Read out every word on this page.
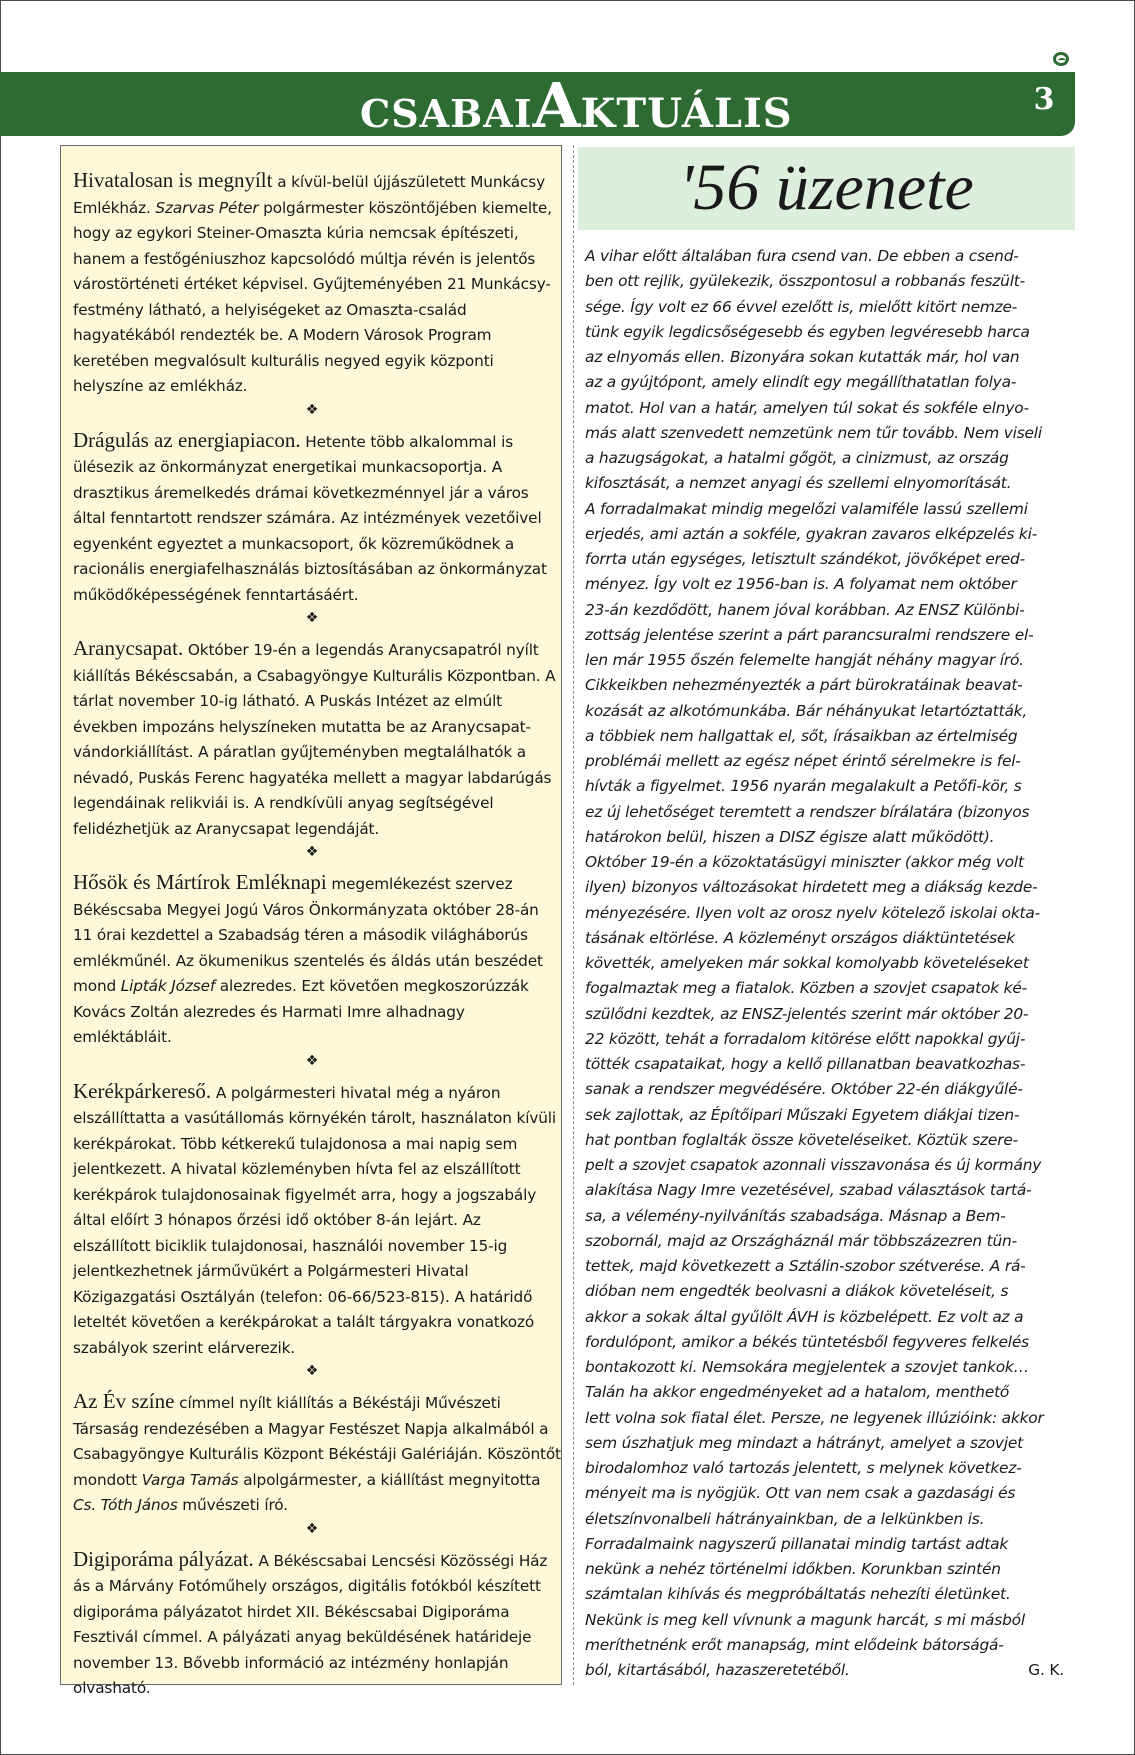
CSABAIAKTUÁLIS	3

Hivatalosan is megnyílt a kívül-belül újjászületett Munkácsy Emlékház. Szarvas Péter polgármester köszöntőjében kiemelte, hogy az egykori Steiner-Omaszta kúria nemcsak építészeti, hanem a festőgéniuszhoz kapcsolódó múltja révén is jelentős várostörténeti értéket képvisel. Gyűjteményében 21 Munkácsy-festmény látható, a helyiségeket az Omaszta-család hagyatékából rendezték be. A Modern Városok Program keretében megvalósult kulturális negyed egyik központi helyszíne az emlékház.

❖

Drágulás az energiapiacon. Hetente több alkalommal is ülésezik az önkormányzat energetikai munkacsoportja. A drasztikus áremelkedés drámai következménnyel jár a város által fenntartott rendszer számára. Az intézmények vezetőivel egyenként egyeztet a munkacsoport, ők közreműködnek a racionális energiafelhasználás biztosításában az önkormányzat működőképességének fenntartásáért.

❖

Aranycsapat. Október 19-én a legendás Aranycsapatról nyílt kiállítás Békéscsabán, a Csabagyöngye Kulturális Központban. A tárlat november 10-ig látható. A Puskás Intézet az elmúlt években impozáns helyszíneken mutatta be az Aranycsapat-vándorkiállítást. A páratlan gyűjteményben megtalálhatók a névadó, Puskás Ferenc hagyatéka mellett a magyar labdarúgás legendáinak relikviái is. A rendkívüli anyag segítségével felidézhetjük az Aranycsapat legendáját.

❖

Hősök és Mártírok Emléknapi megemlékezést szervez Békéscsaba Megyei Jogú Város Önkormányzata október 28-án 11 órai kezdettel a Szabadság téren a második világháborús emlékműnél. Az ökumenikus szentelés és áldás után beszédet mond Lipták József alezredes. Ezt követően megkoszorúzzák Kovács Zoltán alezredes és Harmati Imre alhadnagy emléktábláit.

❖

Kerékpárkereső. A polgármesteri hivatal még a nyáron elszállíttatta a vasútállomás környékén tárolt, használaton kívüli kerékpárokat. Több kétkerekű tulajdonosa a mai napig sem jelentkezett. A hivatal közleményben hívta fel az elszállított kerékpárok tulajdonosainak figyelmét arra, hogy a jogszabály által előírt 3 hónapos őrzési idő október 8-án lejárt. Az elszállított biciklik tulajdonosai, használói november 15-ig jelentkezhetnek járművükért a Polgármesteri Hivatal Közigazgatási Osztályán (telefon: 06-66/523-815). A határidő leteltét követően a kerékpárokat a talált tárgyakra vonatkozó szabályok szerint elárverezik.

❖

Az Év színe címmel nyílt kiállítás a Békéstáji Művészeti Társaság rendezésében a Magyar Festészet Napja alkalmából a Csabagyöngye Kulturális Központ Békéstáji Galériáján. Köszöntőt mondott Varga Tamás alpolgármester, a kiállítást megnyitotta Cs. Tóth János művészeti író.

❖

Digiporáma pályázat. A Békéscsabai Lencsési Közösségi Ház ás a Márvány Fotóműhely országos, digitális fotókból készített digiporáma pályázatot hirdet XII. Békéscsabai Digiporáma Fesztivál címmel. A pályázati anyag beküldésének határideje november 13. Bővebb információ az intézmény honlapján olvasható.

'56 üzenete
A vihar előtt általában fura csend van. De ebben a csend-
ben ott rejlik, gyülekezik, összpontosul a robbanás feszült-
sége. Így volt ez 66 évvel ezelőtt is, mielőtt kitört nemze-
tünk egyik legdicsőségesebb és egyben legvéresebb harca
az elnyomás ellen. Bizonyára sokan kutatták már, hol van
az a gyújtópont, amely elindít egy megállíthatatlan folya-
matot. Hol van a határ, amelyen túl sokat és sokféle elnyo-
más alatt szenvedett nemzetünk nem tűr tovább. Nem viseli
a hazugságokat, a hatalmi gőgöt, a cinizmust, az ország
kifosztását, a nemzet anyagi és szellemi elnyomorítását.
A forradalmakat mindig megelőzi valamiféle lassú szellemi
erjedés, ami aztán a sokféle, gyakran zavaros elképzelés ki-
forrta után egységes, letisztult szándékot, jövőképet ered-
ményez. Így volt ez 1956-ban is. A folyamat nem október
23-án kezdődött, hanem jóval korábban. Az ENSZ Különbi-
zottság jelentése szerint a párt parancsuralmi rendszere el-
len már 1955 őszén felemelte hangját néhány magyar író.
Cikkeikben nehezményezték a párt bürokratáinak beavat-
kozását az alkotómunkába. Bár néhányukat letartóztatták,
a többiek nem hallgattak el, sőt, írásaikban az értelmiség
problémái mellett az egész népet érintő sérelmekre is fel-
hívták a figyelmet. 1956 nyarán megalakult a Petőfi-kör, s
ez új lehetőséget teremtett a rendszer bírálatára (bizonyos
határokon belül, hiszen a DISZ égisze alatt működött).
Október 19-én a közoktatásügyi miniszter (akkor még volt
ilyen) bizonyos változásokat hirdetett meg a diákság kezde-
ményezésére. Ilyen volt az orosz nyelv kötelező iskolai okta-
tásának eltörlése. A közleményt országos diáktüntetések
követték, amelyeken már sokkal komolyabb követeléseket
fogalmaztak meg a fiatalok. Közben a szovjet csapatok ké-
szülődni kezdtek, az ENSZ-jelentés szerint már október 20-
22 között, tehát a forradalom kitörése előtt napokkal gyűj-
tötték csapataikat, hogy a kellő pillanatban beavatkozhas-
sanak a rendszer megvédésére. Október 22-én diákgyűlé-
sek zajlottak, az Építőipari Műszaki Egyetem diákjai tizen-
hat pontban foglalták össze követeléseiket. Köztük szere-
pelt a szovjet csapatok azonnali visszavonása és új kormány
alakítása Nagy Imre vezetésével, szabad választások tartá-
sa, a vélemény-nyilvánítás szabadsága. Másnap a Bem-
szobornál, majd az Országháznál már többszázezren tün-
tettek, majd következett a Sztálin-szobor szétverése. A rá-
dióban nem engedték beolvasni a diákok követeléseit, s
akkor a sokak által gyűlölt ÁVH is közbelépett. Ez volt az a
fordulópont, amikor a békés tüntetésből fegyveres felkelés
bontakozott ki. Nemsokára megjelentek a szovjet tankok…
Talán ha akkor engedményeket ad a hatalom, menthető
lett volna sok fiatal élet. Persze, ne legyenek illúzióink: akkor
sem úszhatjuk meg mindazt a hátrányt, amelyet a szovjet
birodalomhoz való tartozás jelentett, s melynek következ-
ményeit ma is nyögjük. Ott van nem csak a gazdasági és
életszínvonalbeli hátrányainkban, de a lelkünkben is.
Forradalmaink nagyszerű pillanatai mindig tartást adtak
nekünk a nehéz történelmi időkben. Korunkban szintén
számtalan kihívás és megpróbáltatás nehezíti életünket.
Nekünk is meg kell vívnunk a magunk harcát, s mi másból
meríthetnénk erőt manapság, mint elődeink bátorságá-
ból, kitartásából, hazaszeretetéből.	G. K.
